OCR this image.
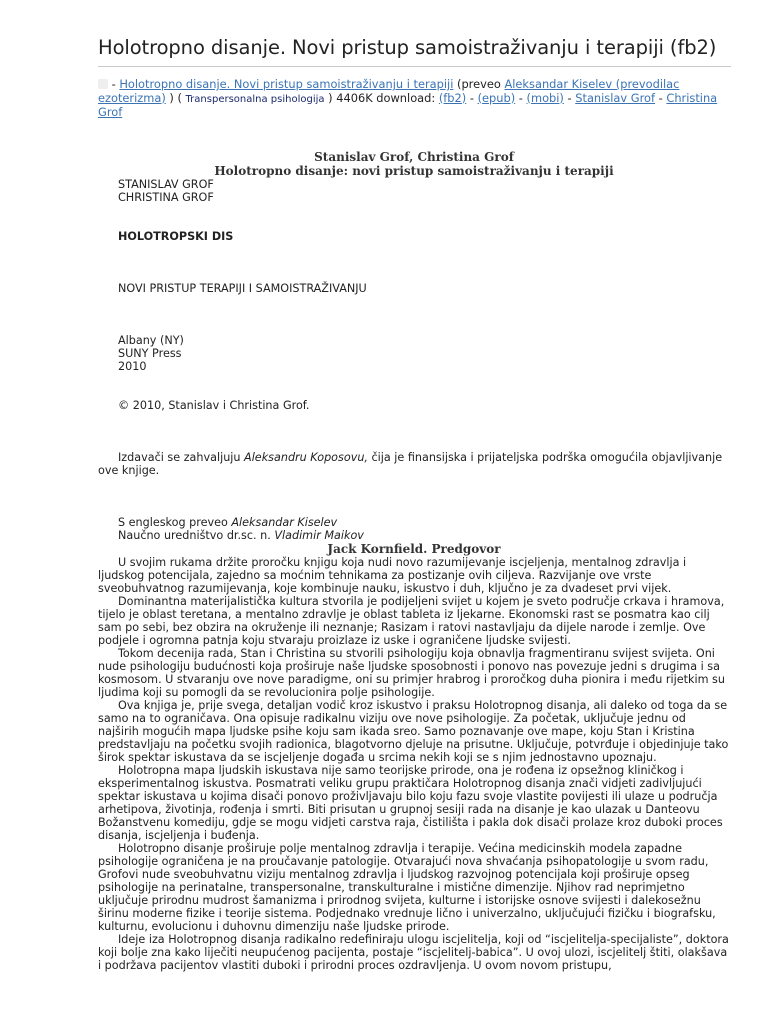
Holotropno disanje. Novi pristup samoistraživanju i terapiji (fb2)
- Holotropno disanje. Novi pristup samoistraživanju i terapiji (preveo Aleksandar Kiselev (prevodilac ezoterizma) ) ( Transpersonalna psihologija ) 4406K download: (fb2) - (epub) - (mobi) - Stanislav Grof - Christina Grof
Stanislav Grof, Christina Grof
Holotropno disanje: novi pristup samoistraživanju i terapiji
STANISLAV GROF
CHRISTINA GROF
HOLOTROPSKI DIS
NOVI PRISTUP TERAPIJI I SAMOISTRAŽIVANJU
Albany (NY)
SUNY Press
2010
© 2010, Stanislav i Christina Grof.

Izdavači se zahvaljuju Aleksandru Koposovu, čija je finansijska i prijateljska podrška omogućila objavljivanje ove knjige.

S engleskog preveo Aleksandar Kiselev
Naučno uredništvo dr.sc. n. Vladimir Maikov
Jack Kornfield. Predgovor

U svojim rukama držite proročku knjigu koja nudi novo razumijevanje iscjeljenja, mentalnog zdravlja i ljudskog potencijala, zajedno sa moćnim tehnikama za postizanje ovih ciljeva. Razvijanje ove vrste sveobuhvatnog razumijevanja, koje kombinuje nauku, iskustvo i duh, ključno je za dvadeset prvi vijek.

Dominantna materijalistička kultura stvorila je podijeljeni svijet u kojem je sveto područje crkava i hramova, tijelo je oblast teretana, a mentalno zdravlje je oblast tableta iz ljekarne. Ekonomski rast se posmatra kao cilj sam po sebi, bez obzira na okruženje ili neznanje; Rasizam i ratovi nastavljaju da dijele narode i zemlje. Ove podjele i ogromna patnja koju stvaraju proizlaze iz uske i ograničene ljudske svijesti.

Tokom decenija rada, Stan i Christina su stvorili psihologiju koja obnavlja fragmentiranu svijest svijeta. Oni nude psihologiju budućnosti koja proširuje naše ljudske sposobnosti i ponovo nas povezuje jedni s drugima i sa kosmosom. U stvaranju ove nove paradigme, oni su primjer hrabrog i proročkog duha pionira i među rijetkim su ljudima koji su pomogli da se revolucionira polje psihologije.

Ova knjiga je, prije svega, detaljan vodič kroz iskustvo i praksu Holotropnog disanja, ali daleko od toga da se samo na to ograničava. Ona opisuje radikalnu viziju ove nove psihologije. Za početak, uključuje jednu od najširih mogućih mapa ljudske psihe koju sam ikada sreo. Samo poznavanje ove mape, koju Stan i Kristina predstavljaju na početku svojih radionica, blagotvorno djeluje na prisutne. Uključuje, potvrđuje i objedinjuje tako širok spektar iskustava da se iscjeljenje događa u srcima nekih koji se s njim jednostavno upoznaju.

Holotropna mapa ljudskih iskustava nije samo teorijske prirode, ona je rođena iz opsežnog kliničkog i eksperimentalnog iskustva. Posmatrati veliku grupu praktičara Holotropnog disanja znači vidjeti zadivljujući spektar iskustava u kojima disači ponovo proživljavaju bilo koju fazu svoje vlastite povijesti ili ulaze u područja arhetipova, životinja, rođenja i smrti. Biti prisutan u grupnoj sesiji rada na disanje je kao ulazak u Danteovu Božanstvenu komediju, gdje se mogu vidjeti carstva raja, čistilišta i pakla dok disači prolaze kroz duboki proces disanja, iscjeljenja i buđenja.

Holotropno disanje proširuje polje mentalnog zdravlja i terapije. Većina medicinskih modela zapadne psihologije ograničena je na proučavanje patologije. Otvarajući nova shvaćanja psihopatologije u svom radu, Grofovi nude sveobuhvatnu viziju mentalnog zdravlja i ljudskog razvojnog potencijala koji proširuje opseg psihologije na perinatalne, transpersonalne, transkulturalne i mistične dimenzije. Njihov rad neprimjetno uključuje prirodnu mudrost šamanizma i prirodnog svijeta, kulturne i istorijske osnove svijesti i dalekosežnu širinu moderne fizike i teorije sistema. Podjednako vrednuje lično i univerzalno, uključujući fizičku i biografsku, kulturnu, evolucionu i duhovnu dimenziju naše ljudske prirode.

Ideje iza Holotropnog disanja radikalno redefiniraju ulogu iscjelitelja, koji od “iscjelitelja-specijaliste”, doktora koji bolje zna kako liječiti neupućenog pacijenta, postaje “iscjelitelj-babica”. U ovoj ulozi, iscjelitelj štiti, olakšava i podržava pacijentov vlastiti duboki i prirodni proces ozdravljenja. U ovom novom pristupu,
